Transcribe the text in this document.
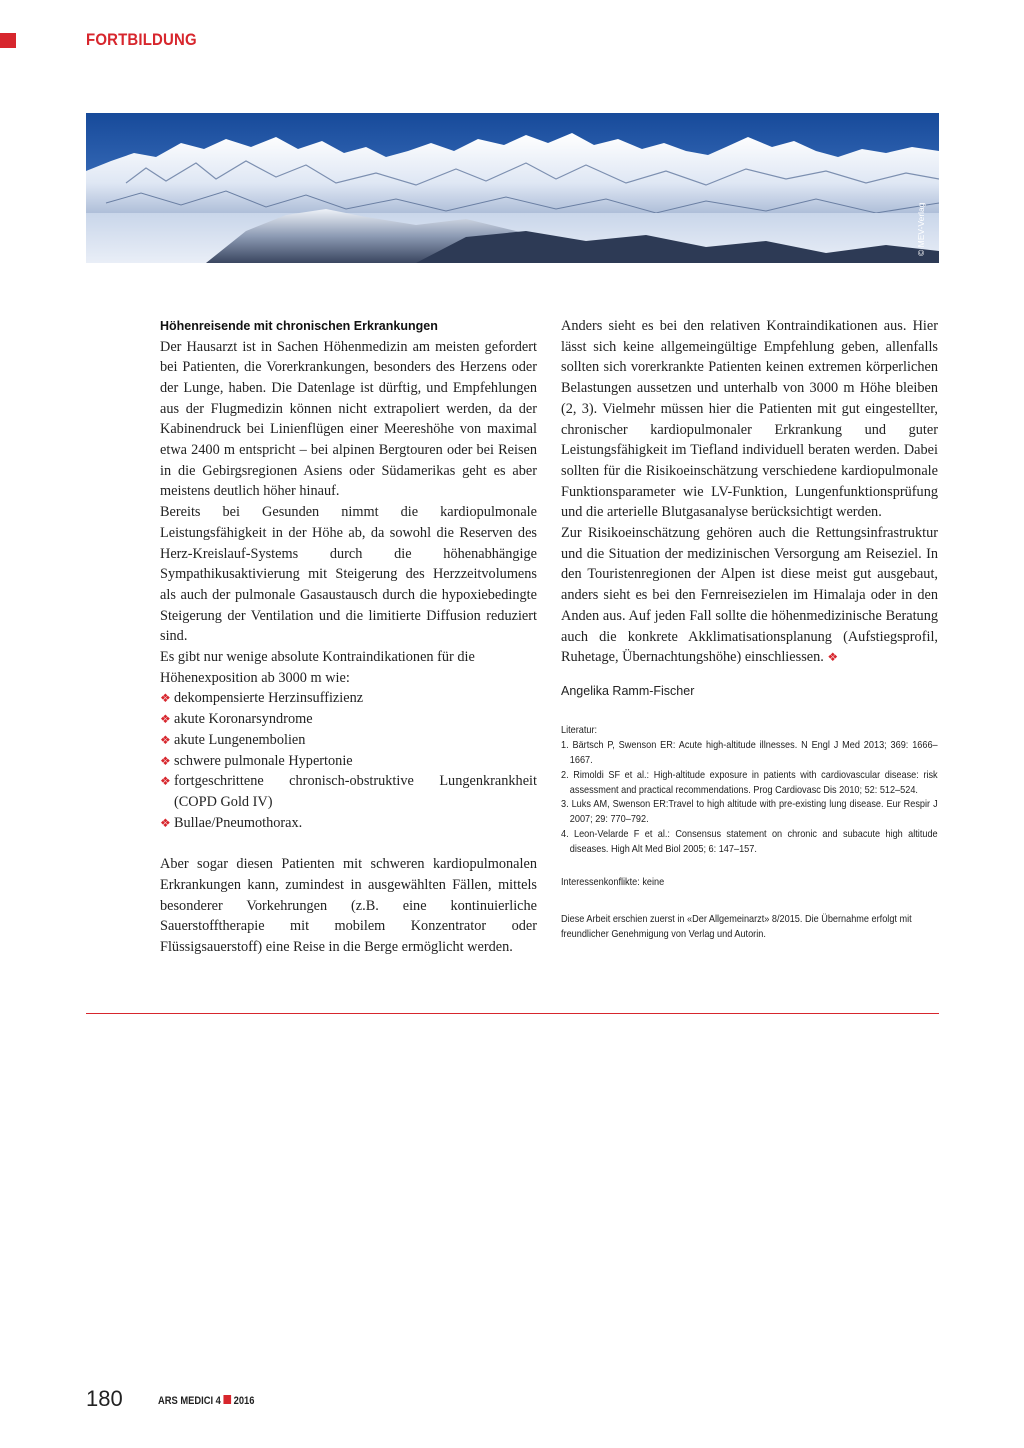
FORTBILDUNG
© MEV-Verlag
Höhenreisende mit chronischen Erkrankungen

Der Hausarzt ist in Sachen Höhenmedizin am meisten gefordert bei Patienten, die Vorerkrankungen, besonders des Herzens oder der Lunge, haben. Die Datenlage ist dürftig, und Empfehlungen aus der Flugmedizin können nicht extrapoliert werden, da der Kabinendruck bei Linienflügen einer Meereshöhe von maximal etwa 2400 m entspricht – bei alpinen Bergtouren oder bei Reisen in die Gebirgsregionen Asiens oder Südamerikas geht es aber meistens deutlich höher hinauf.

Bereits bei Gesunden nimmt die kardiopulmonale Leistungsfähigkeit in der Höhe ab, da sowohl die Reserven des Herz-Kreislauf-Systems durch die höhenabhängige Sympathikusaktivierung mit Steigerung des Herzzeitvolumens als auch der pulmonale Gasaustausch durch die hypoxiebedingte Steigerung der Ventilation und die limitierte Diffusion reduziert sind.

Es gibt nur wenige absolute Kontraindikationen für die Höhenexposition ab 3000 m wie:

❖ dekompensierte Herzinsuffizienz
❖ akute Koronarsyndrome
❖ akute Lungenembolien
❖ schwere pulmonale Hypertonie
❖ fortgeschrittene chronisch-obstruktive Lungenkrankheit (COPD Gold IV)
❖ Bullae/Pneumothorax.

Aber sogar diesen Patienten mit schweren kardiopulmonalen Erkrankungen kann, zumindest in ausgewählten Fällen, mittels besonderer Vorkehrungen (z.B. eine kontinuierliche Sauerstofftherapie mit mobilem Konzentrator oder Flüssigsauerstoff) eine Reise in die Berge ermöglicht werden.

Anders sieht es bei den relativen Kontraindikationen aus. Hier lässt sich keine allgemeingültige Empfehlung geben, allenfalls sollten sich vorerkrankte Patienten keinen extremen körperlichen Belastungen aussetzen und unterhalb von 3000 m Höhe bleiben (2, 3). Vielmehr müssen hier die Patienten mit gut eingestellter, chronischer kardiopulmonaler Erkrankung und guter Leistungsfähigkeit im Tiefland individuell beraten werden. Dabei sollten für die Risikoeinschätzung verschiedene kardiopulmonale Funktionsparameter wie LV-Funktion, Lungenfunktionsprüfung und die arterielle Blutgasanalyse berücksichtigt werden.

Zur Risikoeinschätzung gehören auch die Rettungsinfrastruktur und die Situation der medizinischen Versorgung am Reiseziel. In den Touristenregionen der Alpen ist diese meist gut ausgebaut, anders sieht es bei den Fernreisezielen im Himalaja oder in den Anden aus. Auf jeden Fall sollte die höhenmedizinische Beratung auch die konkrete Akklimatisationsplanung (Aufstiegsprofil, Ruhetage, Übernachtungshöhe) einschliessen. ❖

Angelika Ramm-Fischer
Literatur:
1. Bärtsch P, Swenson ER: Acute high-altitude illnesses. N Engl J Med 2013; 369: 1666–1667.
2. Rimoldi SF et al.: High-altitude exposure in patients with cardiovascular disease: risk assessment and practical recommendations. Prog Cardiovasc Dis 2010; 52: 512–524.
3. Luks AM, Swenson ER:Travel to high altitude with pre-existing lung disease. Eur Respir J 2007; 29: 770–792.
4. Leon-Velarde F et al.: Consensus statement on chronic and subacute high altitude diseases. High Alt Med Biol 2005; 6: 147–157.
Interessenkonflikte: keine
Diese Arbeit erschien zuerst in «Der Allgemeinarzt» 8/2015. Die Übernahme erfolgt mit freundlicher Genehmigung von Verlag und Autorin.
180	ARS MEDICI 4 2016
